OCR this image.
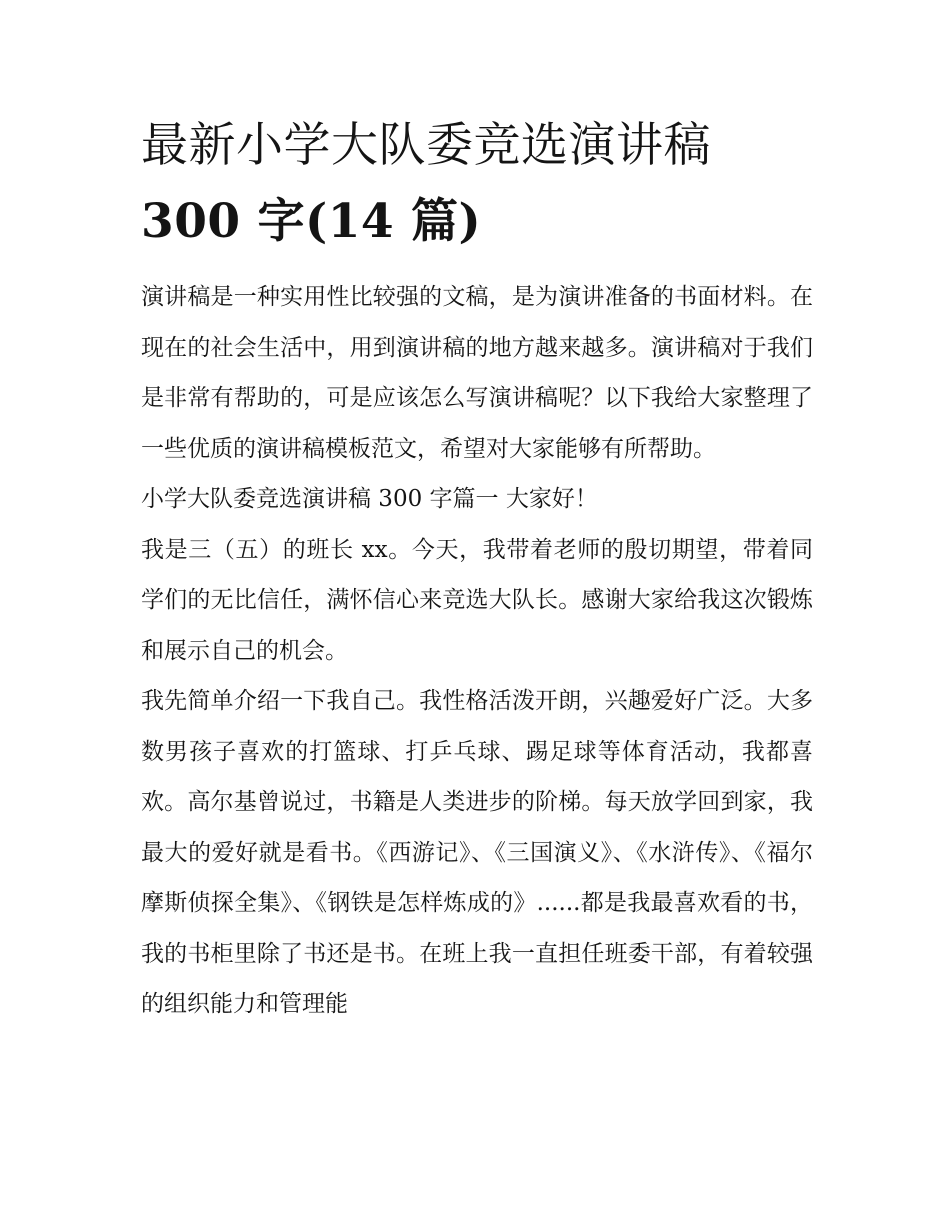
最新小学大队委竞选演讲稿
300 字(14 篇)

演讲稿是一种实用性比较强的文稿，是为演讲准备的书面材料。在现在的社会生活中，用到演讲稿的地方越来越多。演讲稿对于我们是非常有帮助的，可是应该怎么写演讲稿呢？以下我给大家整理了一些优质的演讲稿模板范文，希望对大家能够有所帮助。

小学大队委竞选演讲稿 300 字篇一 大家好！

我是三（五）的班长 xx。今天，我带着老师的殷切期望，带着同学们的无比信任，满怀信心来竞选大队长。感谢大家给我这次锻炼和展示自己的机会。

我先简单介绍一下我自己。我性格活泼开朗，兴趣爱好广泛。大多数男孩子喜欢的打篮球、打乒乓球、踢足球等体育活动，我都喜欢。高尔基曾说过，书籍是人类进步的阶梯。每天放学回到家，我最大的爱好就是看书。《西游记》、《三国演义》、《水浒传》、《福尔摩斯侦探全集》、《钢铁是怎样炼成的》......都是我最喜欢看的书，我的书柜里除了书还是书。在班上我一直担任班委干部，有着较强的组织能力和管理能
